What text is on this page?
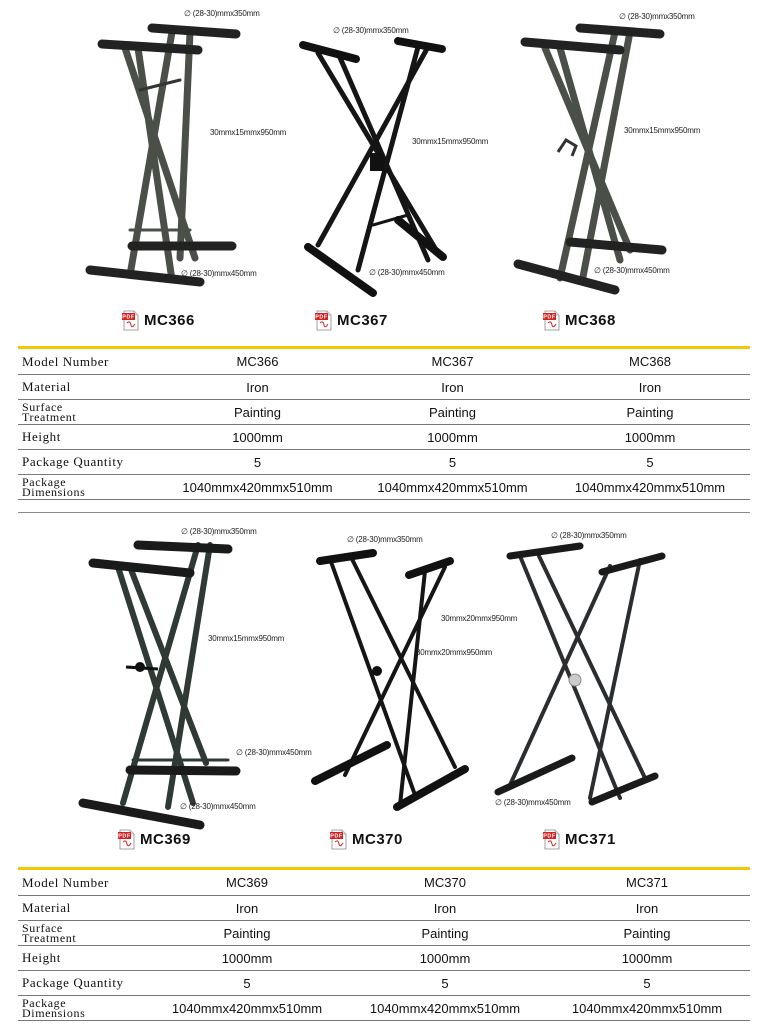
∅ (28-30)mmx350mm
30mmx15mmx950mm
∅ (28-30)mmx450mm
MC366
∅ (28-30)mmx350mm
30mmx15mmx950mm
∅ (28-30)mmx450mm
MC367
∅ (28-30)mmx350mm
30mmx15mmx950mm
∅ (28-30)mmx450mm
MC368
Model Number	MC366	MC367	MC368
Material	Iron	Iron	Iron
Surface Treatment	Painting	Painting	Painting
Height	1000mm	1000mm	1000mm
Package Quantity	5	5	5
Package Dimensions	1040mmx420mmx510mm	1040mmx420mmx510mm	1040mmx420mmx510mm
∅ (28-30)mmx350mm
30mmx15mmx950mm
∅ (28-30)mmx450mm
MC369
∅ (28-30)mmx350mm
30mmx20mmx950mm
∅ (28-30)mmx450mm
MC370
∅ (28-30)mmx350mm
30mmx20mmx950mm
∅ (28-30)mmx450mm
MC371
Model Number	MC369	MC370	MC371
Material	Iron	Iron	Iron
Surface Treatment	Painting	Painting	Painting
Height	1000mm	1000mm	1000mm
Package Quantity	5	5	5
Package Dimensions	1040mmx420mmx510mm	1040mmx420mmx510mm	1040mmx420mmx510mm
